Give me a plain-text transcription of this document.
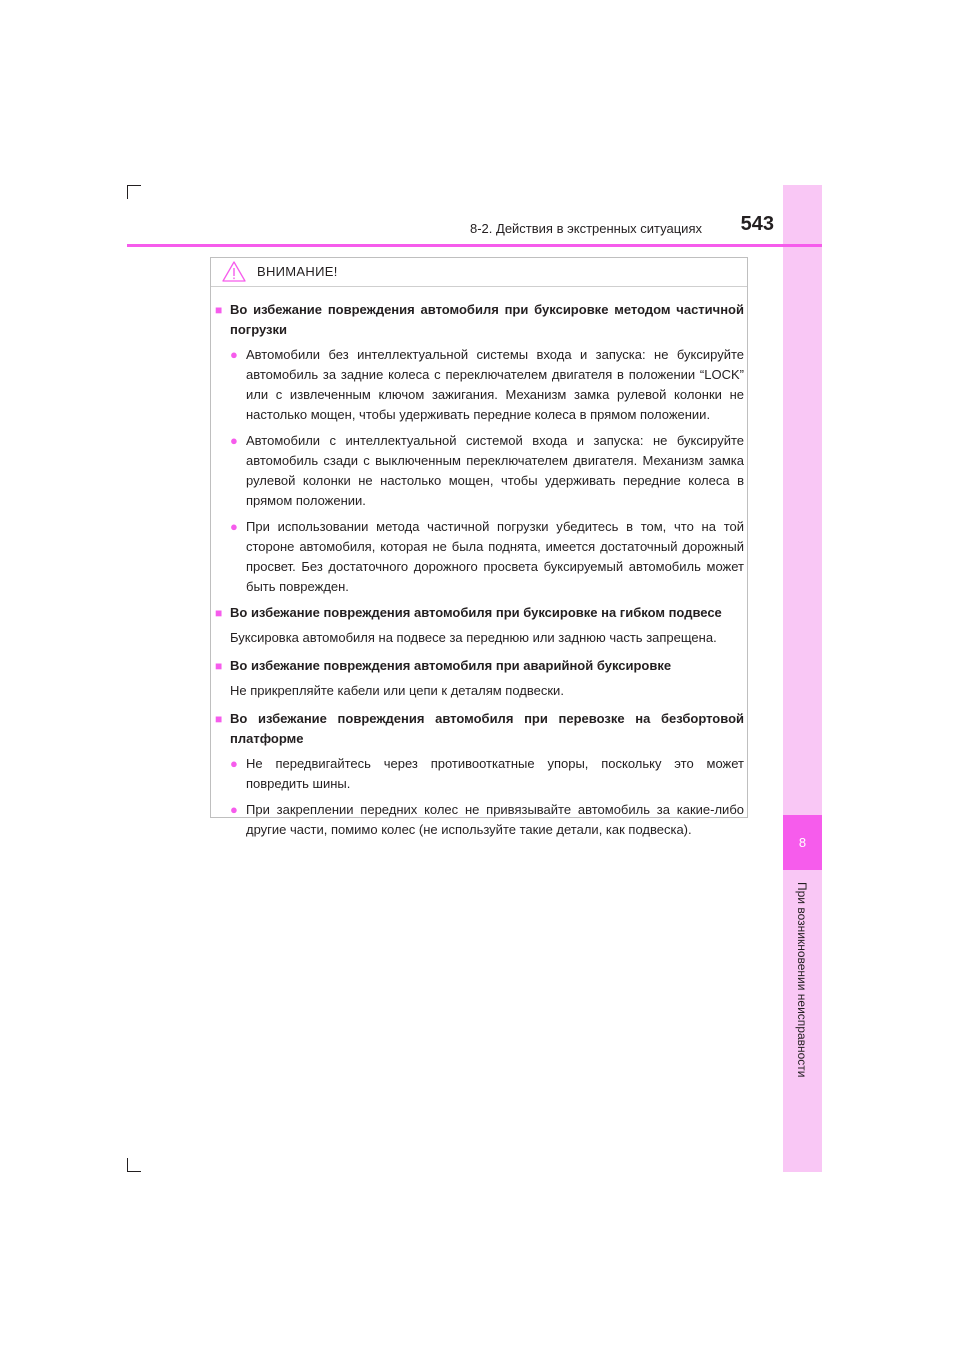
8
При возникновении неисправности
8-2. Действия в экстренных ситуациях	543
ВНИМАНИЕ!
■ Во избежание повреждения автомобиля при буксировке методом частичной погрузки
● Автомобили без интеллектуальной системы входа и запуска: не буксируйте автомобиль за задние колеса с переключателем двигателя в положении “LOCK” или с извлеченным ключом зажигания. Механизм замка рулевой колонки не настолько мощен, чтобы удерживать передние колеса в прямом положении.
● Автомобили с интеллектуальной системой входа и запуска: не буксируйте автомобиль сзади с выключенным переключателем двигателя. Механизм замка рулевой колонки не настолько мощен, чтобы удерживать передние колеса в прямом положении.
● При использовании метода частичной погрузки убедитесь в том, что на той стороне автомобиля, которая не была поднята, имеется достаточный дорожный просвет. Без достаточного дорожного просвета буксируемый автомобиль может быть поврежден.
■ Во избежание повреждения автомобиля при буксировке на гибком подвесе
Буксировка автомобиля на подвесе за переднюю или заднюю часть запрещена.
■ Во избежание повреждения автомобиля при аварийной буксировке
Не прикрепляйте кабели или цепи к деталям подвески.
■ Во избежание повреждения автомобиля при перевозке на безбортовой платформе
● Не передвигайтесь через противооткатные упоры, поскольку это может повредить шины.
● При закреплении передних колес не привязывайте автомобиль за какие-либо другие части, помимо колес (не используйте такие детали, как подвеска).
